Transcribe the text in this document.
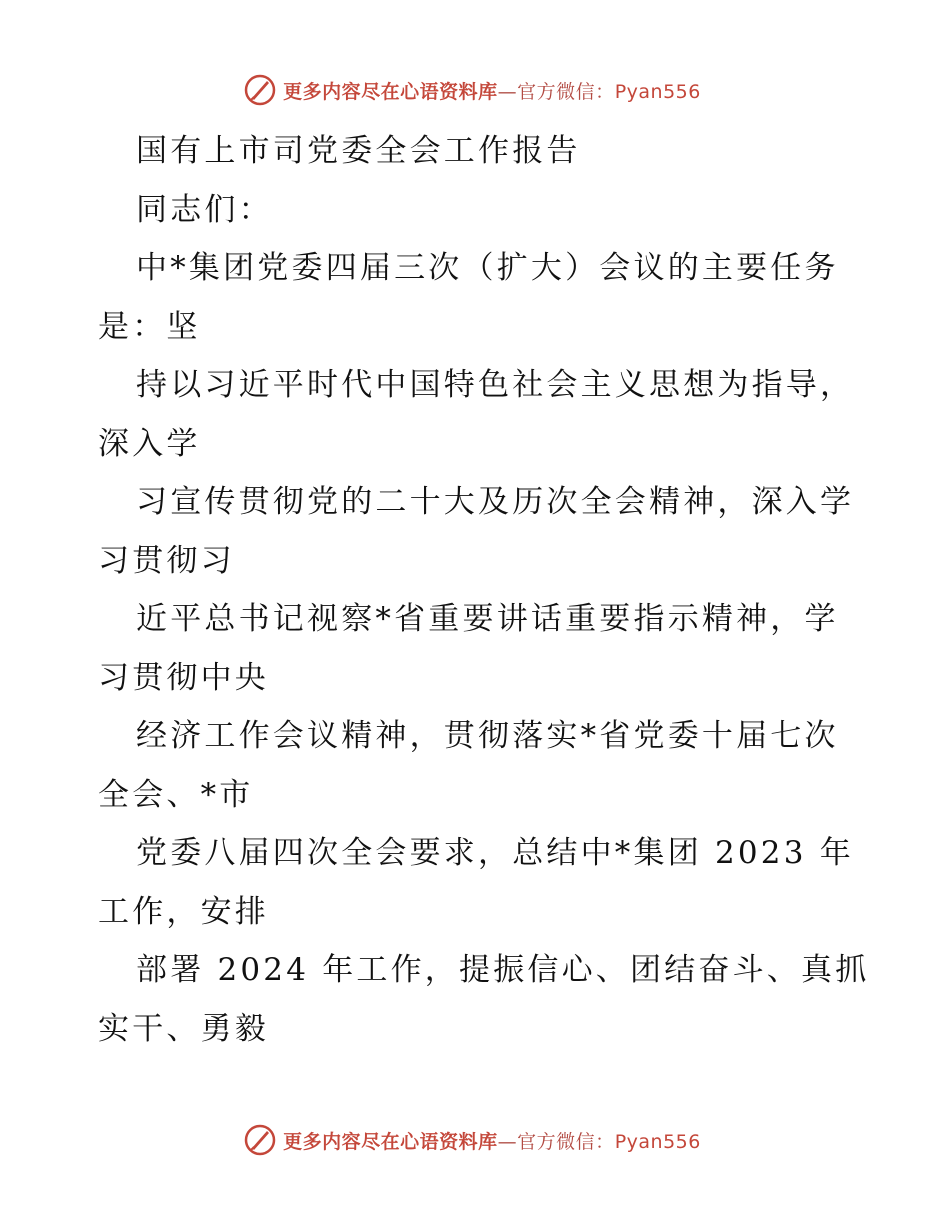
更多内容尽在心语资料库—官方微信：Pyan556
国有上市司党委全会工作报告
同志们：
中*集团党委四届三次（扩大）会议的主要任务
是：坚
持以习近平时代中国特色社会主义思想为指导，
深入学
习宣传贯彻党的二十大及历次全会精神，深入学
习贯彻习
近平总书记视察*省重要讲话重要指示精神，学
习贯彻中央
经济工作会议精神，贯彻落实*省党委十届七次
全会、*市
党委八届四次全会要求，总结中*集团 2023 年
工作，安排
部署 2024 年工作，提振信心、团结奋斗、真抓
实干、勇毅
更多内容尽在心语资料库—官方微信：Pyan556
